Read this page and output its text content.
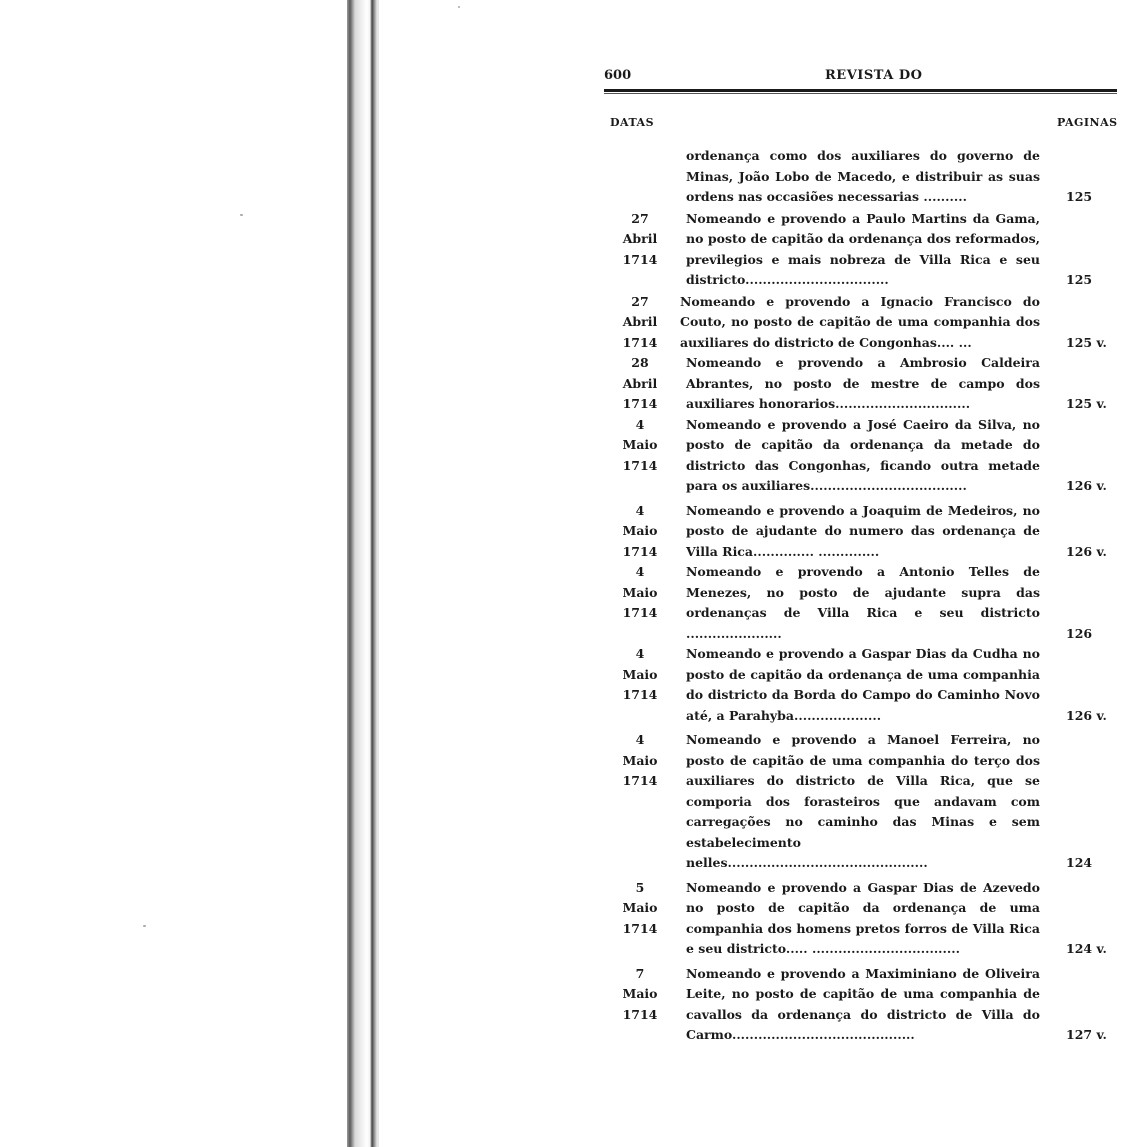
600	REVISTA DO
DATAS	PAGINAS
ordenança como dos auxiliares do governo de Minas, João Lobo de Macedo, e distribuir as suas ordens nas occasiões necessarias ..........	125
27
Abril
1714
Nomeando e provendo a Paulo Martins da Gama, no posto de capitão da ordenança dos reformados, previlegios e mais nobreza de Villa Rica e seu districto.................................	125
27
Abril
1714
Nomeando e provendo a Ignacio Francisco do Couto, no posto de capitão de uma companhia dos auxiliares do districto de Congonhas.... ...	125 v.
28
Abril
1714
Nomeando e provendo a Ambrosio Caldeira Abrantes, no posto de mestre de campo dos auxiliares honorarios...............................	125 v.
4
Maio
1714
Nomeando e provendo a José Caeiro da Silva, no posto de capitão da ordenança da metade do districto das Congonhas, ficando outra metade para os auxiliares....................................	126 v.
4
Maio
1714
Nomeando e provendo a Joaquim de Medeiros, no posto de ajudante do numero das ordenança de Villa Rica.............. ..............	126 v.
4
Maio
1714
Nomeando e provendo a Antonio Telles de Menezes, no posto de ajudante supra das ordenanças de Villa Rica e seu districto ......................	126
4
Maio
1714
Nomeando e provendo a Gaspar Dias da Cudha no posto de capitão da ordenança de uma companhia do districto da Borda do Campo do Caminho Novo até, a Parahyba....................	126 v.
4
Maio
1714
Nomeando e provendo a Manoel Ferreira, no posto de capitão de uma companhia do terço dos auxiliares do districto de Villa Rica, que se comporia dos forasteiros que andavam com carregações no caminho das Minas e sem estabelecimento nelles..............................................	124
5
Maio
1714
Nomeando e provendo a Gaspar Dias de Azevedo no posto de capitão da ordenança de uma companhia dos homens pretos forros de Villa Rica e seu districto..... ..................................	124 v.
7
Maio
1714
Nomeando e provendo a Maximiniano de Oliveira Leite, no posto de capitão de uma companhia de cavallos da ordenança do districto de Villa do Carmo..........................................	127 v.
